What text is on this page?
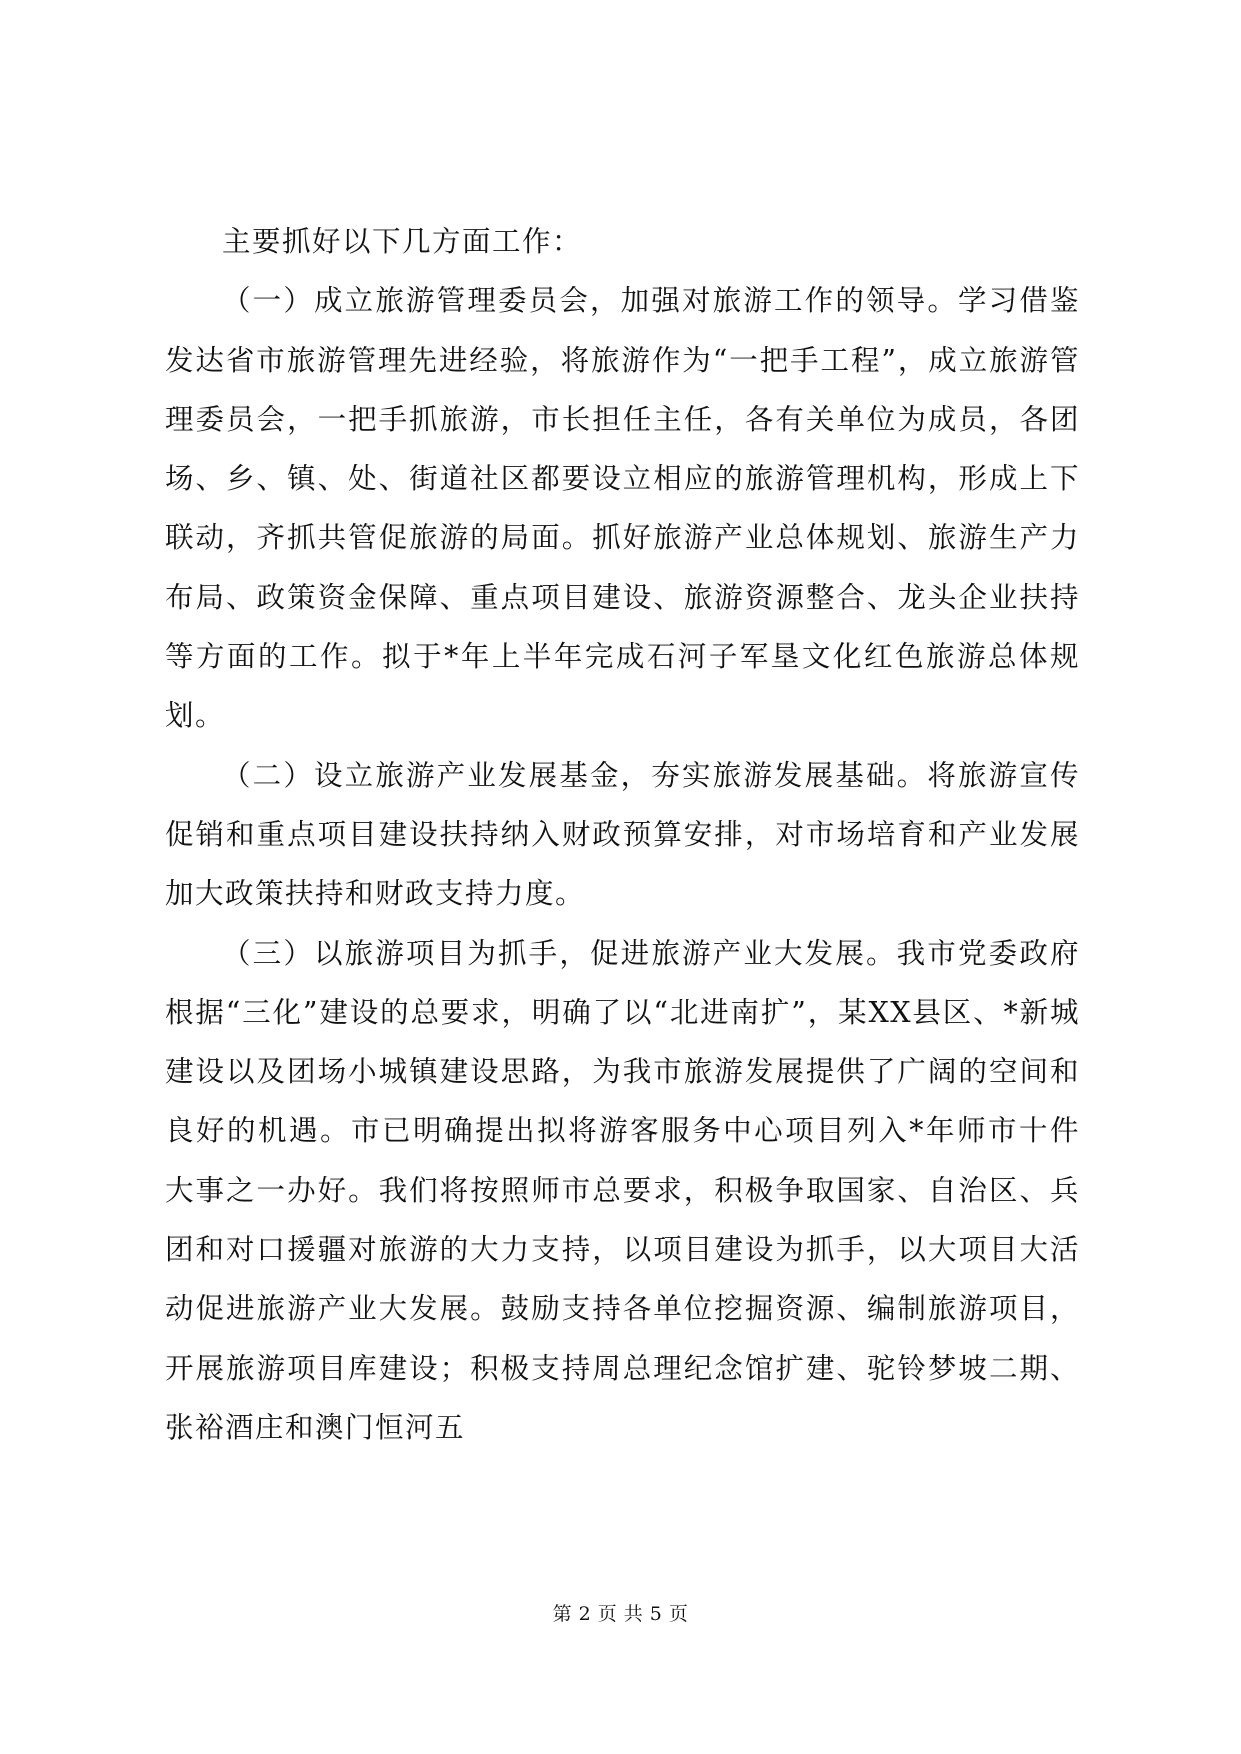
主要抓好以下几方面工作：

（一）成立旅游管理委员会，加强对旅游工作的领导。学习借鉴发达省市旅游管理先进经验，将旅游作为“一把手工程”，成立旅游管理委员会，一把手抓旅游，市长担任主任，各有关单位为成员，各团场、乡、镇、处、街道社区都要设立相应的旅游管理机构，形成上下联动，齐抓共管促旅游的局面。抓好旅游产业总体规划、旅游生产力布局、政策资金保障、重点项目建设、旅游资源整合、龙头企业扶持等方面的工作。拟于*年上半年完成石河子军垦文化红色旅游总体规划。

（二）设立旅游产业发展基金，夯实旅游发展基础。将旅游宣传促销和重点项目建设扶持纳入财政预算安排，对市场培育和产业发展加大政策扶持和财政支持力度。

（三）以旅游项目为抓手，促进旅游产业大发展。我市党委政府根据“三化”建设的总要求，明确了以“北进南扩”，某XX县区、*新城建设以及团场小城镇建设思路，为我市旅游发展提供了广阔的空间和良好的机遇。市已明确提出拟将游客服务中心项目列入*年师市十件大事之一办好。我们将按照师市总要求，积极争取国家、自治区、兵团和对口援疆对旅游的大力支持，以项目建设为抓手，以大项目大活动促进旅游产业大发展。鼓励支持各单位挖掘资源、编制旅游项目，开展旅游项目库建设；积极支持周总理纪念馆扩建、驼铃梦坡二期、张裕酒庄和澳门恒河五

第 2 页 共 5 页
